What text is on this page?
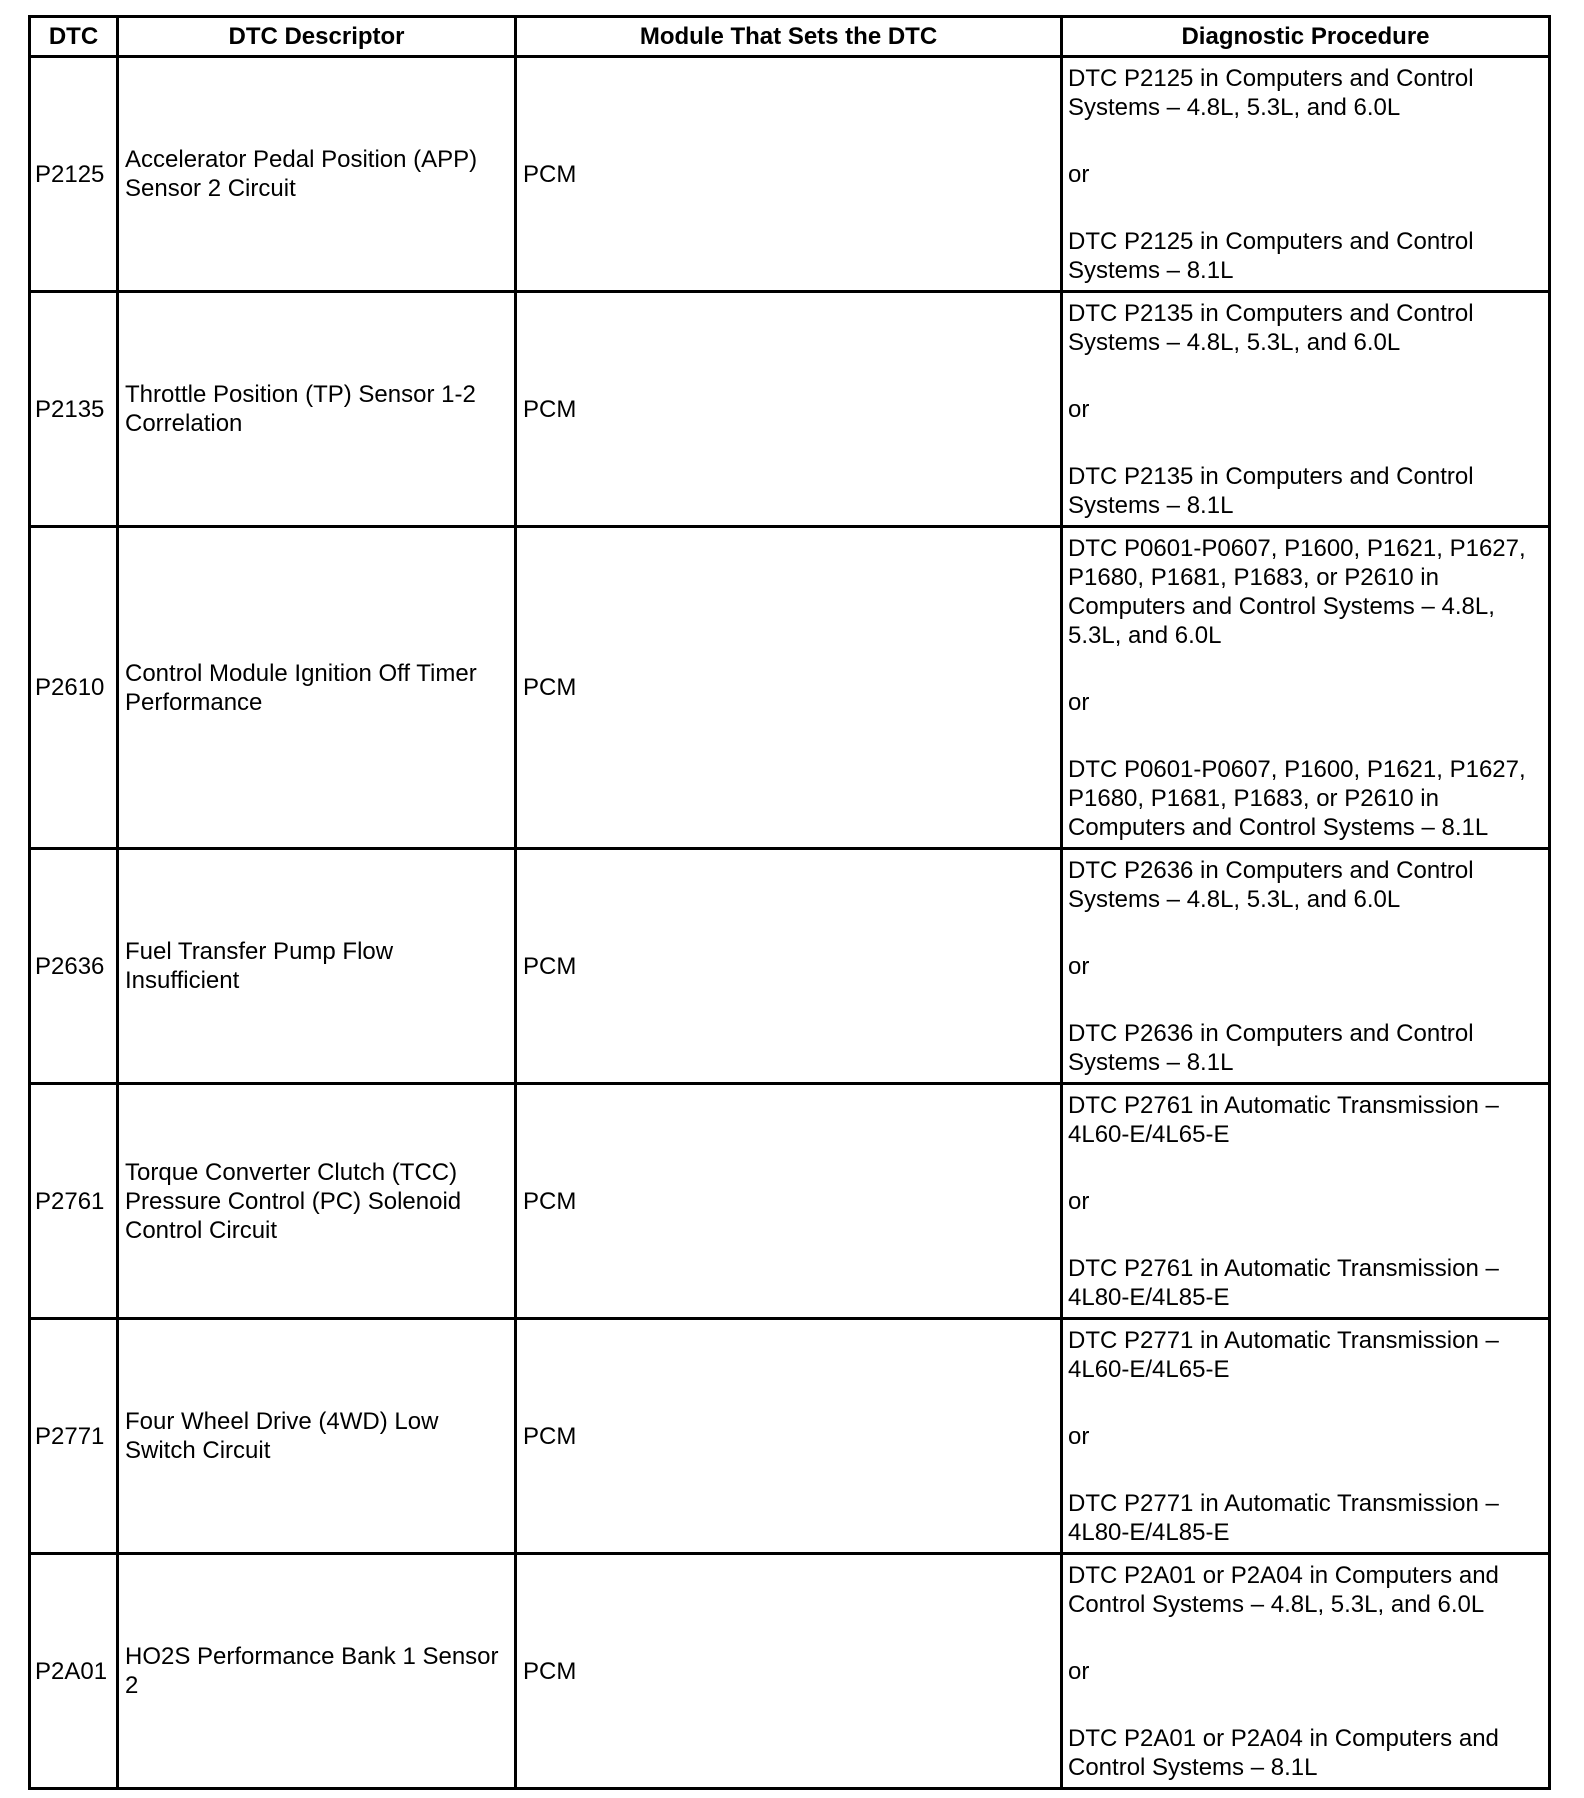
DTC	DTC Descriptor	Module That Sets the DTC	Diagnostic Procedure
P2125	Accelerator Pedal Position (APP) Sensor 2 Circuit	PCM	DTC P2125 in Computers and Control Systems – 4.8L, 5.3L, and 6.0L
or
DTC P2125 in Computers and Control Systems – 8.1L

P2135	Throttle Position (TP) Sensor 1-2 Correlation	PCM	DTC P2135 in Computers and Control Systems – 4.8L, 5.3L, and 6.0L
or
DTC P2135 in Computers and Control Systems – 8.1L

P2610	Control Module Ignition Off Timer Performance	PCM	DTC P0601-P0607, P1600, P1621, P1627, P1680, P1681, P1683, or P2610 in Computers and Control Systems – 4.8L, 5.3L, and 6.0L
or
DTC P0601-P0607, P1600, P1621, P1627, P1680, P1681, P1683, or P2610 in Computers and Control Systems – 8.1L

P2636	Fuel Transfer Pump Flow Insufficient	PCM	DTC P2636 in Computers and Control Systems – 4.8L, 5.3L, and 6.0L
or
DTC P2636 in Computers and Control Systems – 8.1L

P2761	Torque Converter Clutch (TCC) Pressure Control (PC) Solenoid Control Circuit	PCM	DTC P2761 in Automatic Transmission – 4L60-E/4L65-E
or
DTC P2761 in Automatic Transmission – 4L80-E/4L85-E

P2771	Four Wheel Drive (4WD) Low Switch Circuit	PCM	DTC P2771 in Automatic Transmission – 4L60-E/4L65-E
or
DTC P2771 in Automatic Transmission – 4L80-E/4L85-E

P2A01	HO2S Performance Bank 1 Sensor 2	PCM	DTC P2A01 or P2A04 in Computers and Control Systems – 4.8L, 5.3L, and 6.0L
or
DTC P2A01 or P2A04 in Computers and Control Systems – 8.1L
